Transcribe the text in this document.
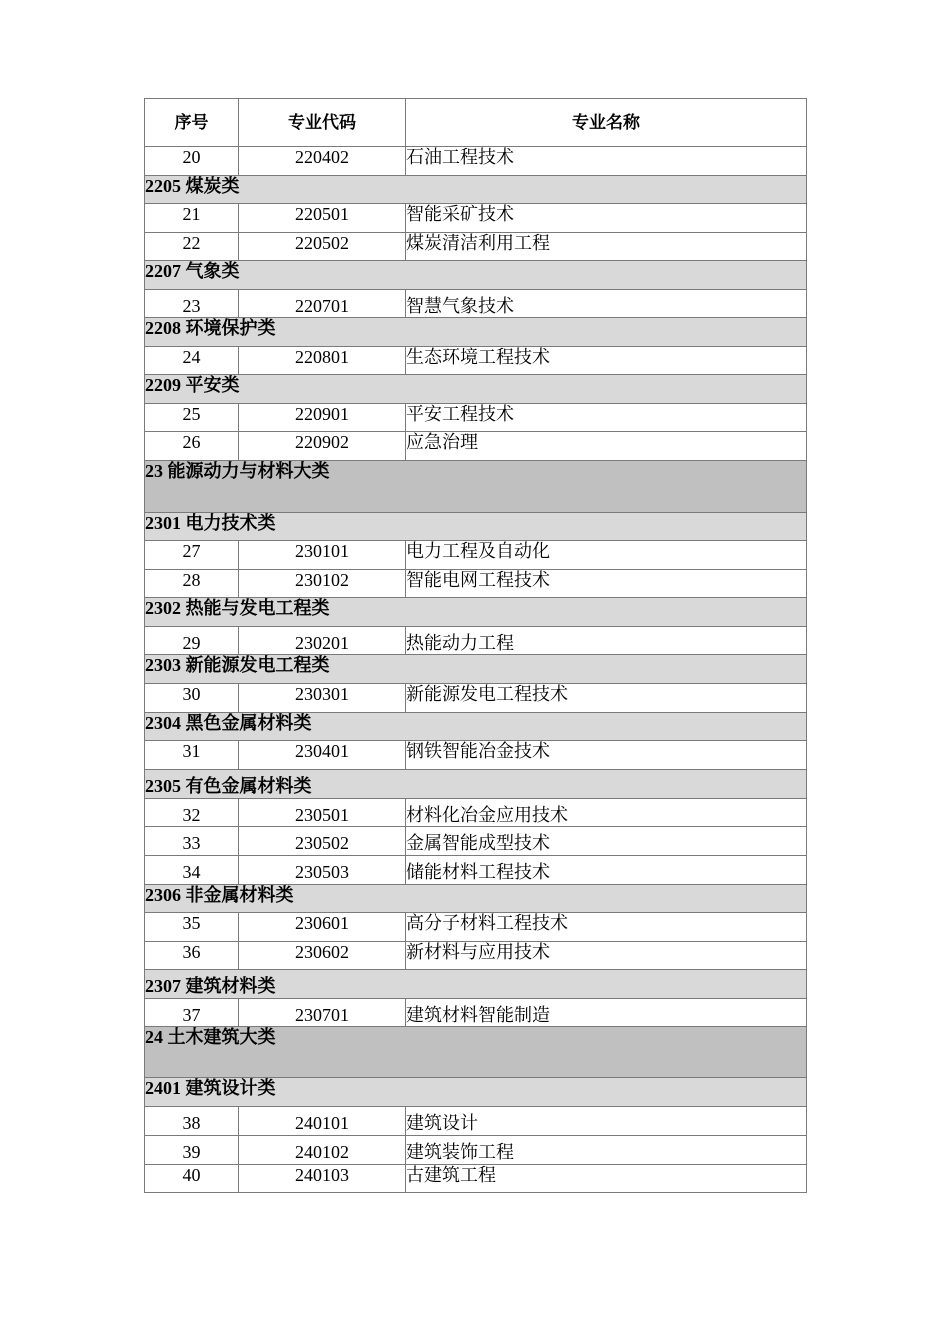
序号	专业代码	专业名称
20	220402	石油工程技术
2205 煤炭类		
21	220501	智能采矿技术
22	220502	煤炭清洁利用工程
2207 气象类		
23	220701	智慧气象技术
2208 环境保护类		
24	220801	生态环境工程技术
2209 平安类		
25	220901	平安工程技术
26	220902	应急治理
23 能源动力与材料大类		
2301 电力技术类		
27	230101	电力工程及自动化
28	230102	智能电网工程技术
2302 热能与发电工程类		
29	230201	热能动力工程
2303 新能源发电工程类		
30	230301	新能源发电工程技术
2304 黑色金属材料类		
31	230401	钢铁智能冶金技术
2305 有色金属材料类		
32	230501	材料化冶金应用技术
33	230502	金属智能成型技术
34	230503	储能材料工程技术
2306 非金属材料类		
35	230601	高分子材料工程技术
36	230602	新材料与应用技术
2307 建筑材料类		
37	230701	建筑材料智能制造
24 土木建筑大类		
2401 建筑设计类		
38	240101	建筑设计
39	240102	建筑装饰工程
40	240103	古建筑工程
